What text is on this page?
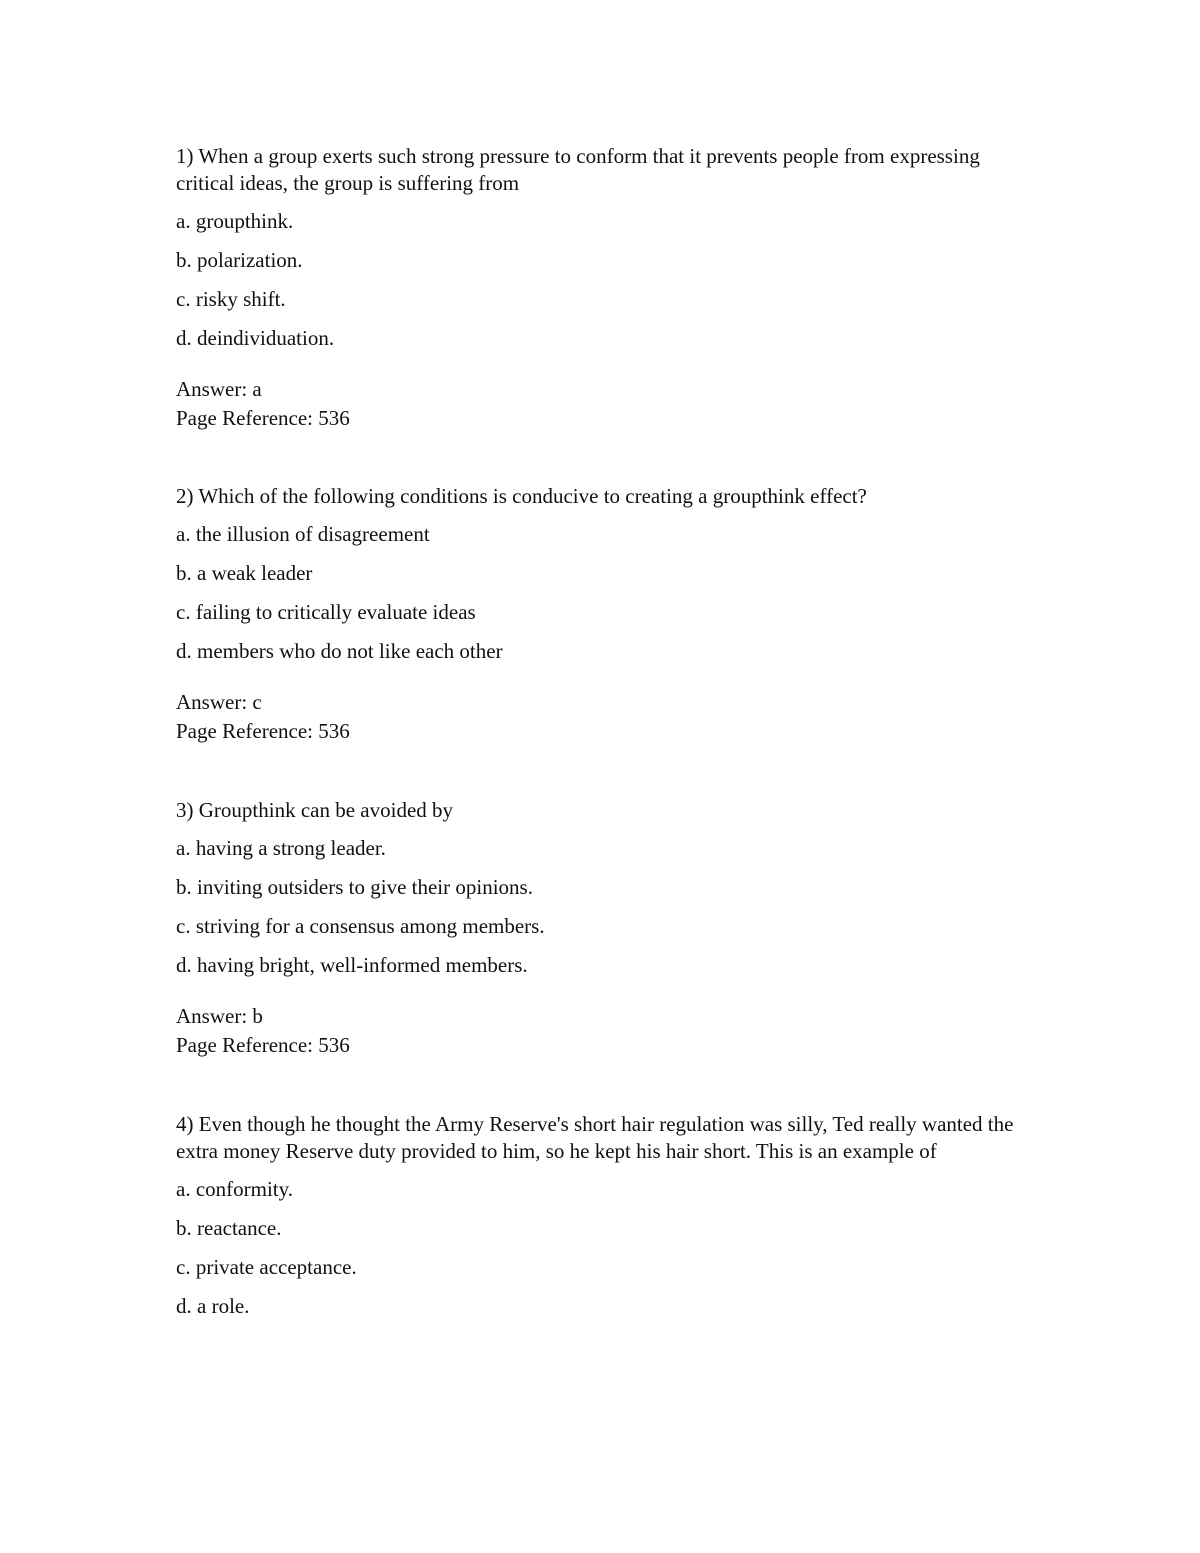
1) When a group exerts such strong pressure to conform that it prevents people from expressing critical ideas, the group is suffering from

a. groupthink.
b. polarization.
c. risky shift.
d. deindividuation.
Answer: a
Page Reference: 536

2) Which of the following conditions is conducive to creating a groupthink effect?

a. the illusion of disagreement
b. a weak leader
c. failing to critically evaluate ideas
d. members who do not like each other
Answer: c
Page Reference: 536

3) Groupthink can be avoided by

a. having a strong leader.
b. inviting outsiders to give their opinions.
c. striving for a consensus among members.
d. having bright, well-informed members.
Answer: b
Page Reference: 536

4) Even though he thought the Army Reserve's short hair regulation was silly, Ted really wanted the extra money Reserve duty provided to him, so he kept his hair short. This is an example of

a. conformity.
b. reactance.
c. private acceptance.
d. a role.
